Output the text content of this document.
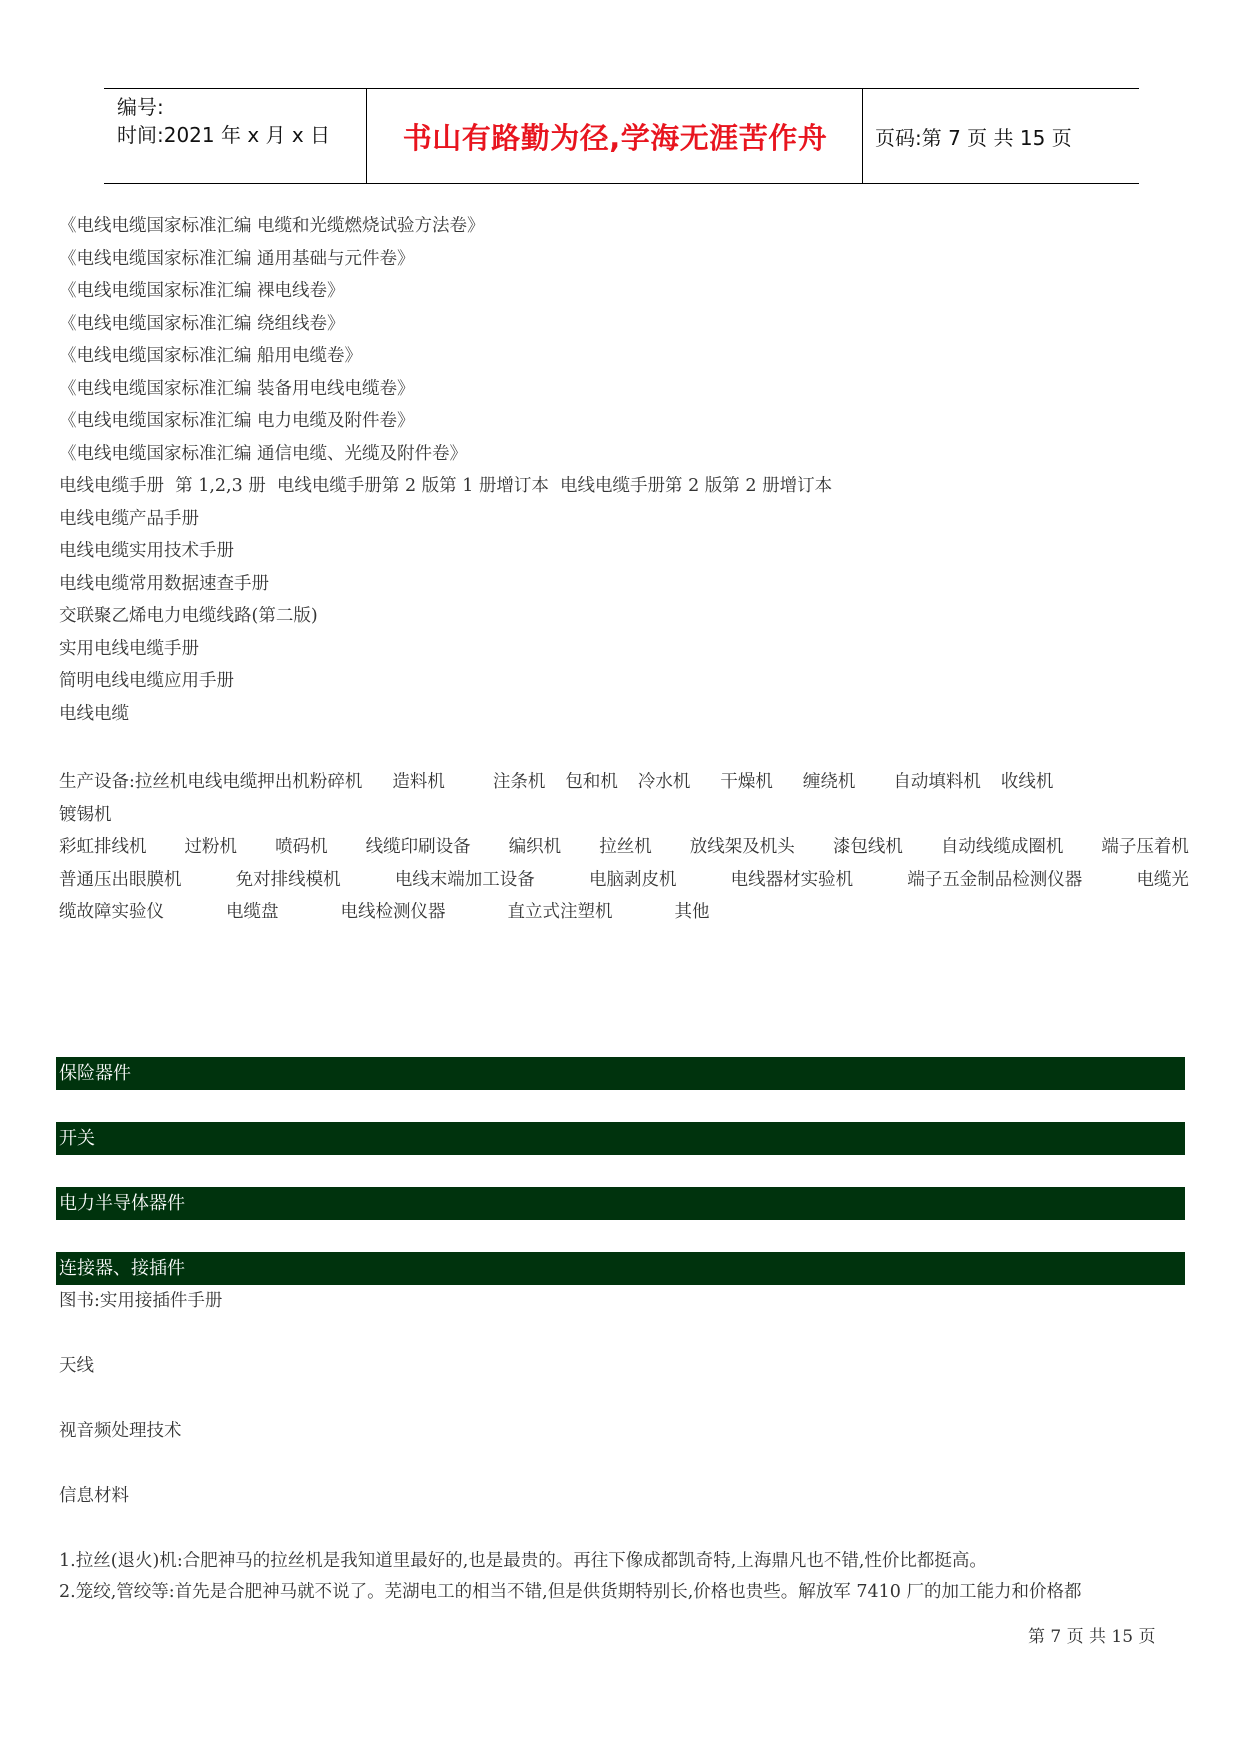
编号:
时间:2021 年 x 月 x 日	书山有路勤为径,学海无涯苦作舟	页码:第 7 页 共 15 页
《电线电缆国家标准汇编 电缆和光缆燃烧试验方法卷》
《电线电缆国家标准汇编 通用基础与元件卷》
《电线电缆国家标准汇编 裸电线卷》
《电线电缆国家标准汇编 绕组线卷》
《电线电缆国家标准汇编 船用电缆卷》
《电线电缆国家标准汇编 装备用电线电缆卷》
《电线电缆国家标准汇编 电力电缆及附件卷》
《电线电缆国家标准汇编 通信电缆、光缆及附件卷》
电线电缆手册  第 1,2,3 册  电线电缆手册第 2 版第 1 册增订本  电线电缆手册第 2 版第 2 册增订本
电线电缆产品手册
电线电缆实用技术手册
电线电缆常用数据速查手册
交联聚乙烯电力电缆线路(第二版)
实用电线电缆手册
简明电线电缆应用手册
电线电缆
生产设备:拉丝机电线电缆押出机粉碎机 造料机	注条机 包和机 冷水机 干燥机 缠绕机 自动填料机 收线机
镀锡机
彩虹排线机 过粉机 喷码机 线缆印刷设备 编织机 拉丝机 放线架及机头 漆包线机 自动线缆成圈机 端子压着机
普通压出眼膜机	免对排线模机	电线末端加工设备	电脑剥皮机	电线器材实验机	端子五金制品检测仪器	电缆光
缆故障实验仪	电缆盘	电线检测仪器	直立式注塑机	其他
保险器件
开关
电力半导体器件
连接器、接插件
图书:实用接插件手册
天线
视音频处理技术
信息材料
1.拉丝(退火)机:合肥神马的拉丝机是我知道里最好的,也是最贵的。再往下像成都凯奇特,上海鼎凡也不错,性价比都挺高。
2.笼绞,管绞等:首先是合肥神马就不说了。芜湖电工的相当不错,但是供货期特别长,价格也贵些。解放军 7410 厂的加工能力和价格都
第 7 页 共 15 页
